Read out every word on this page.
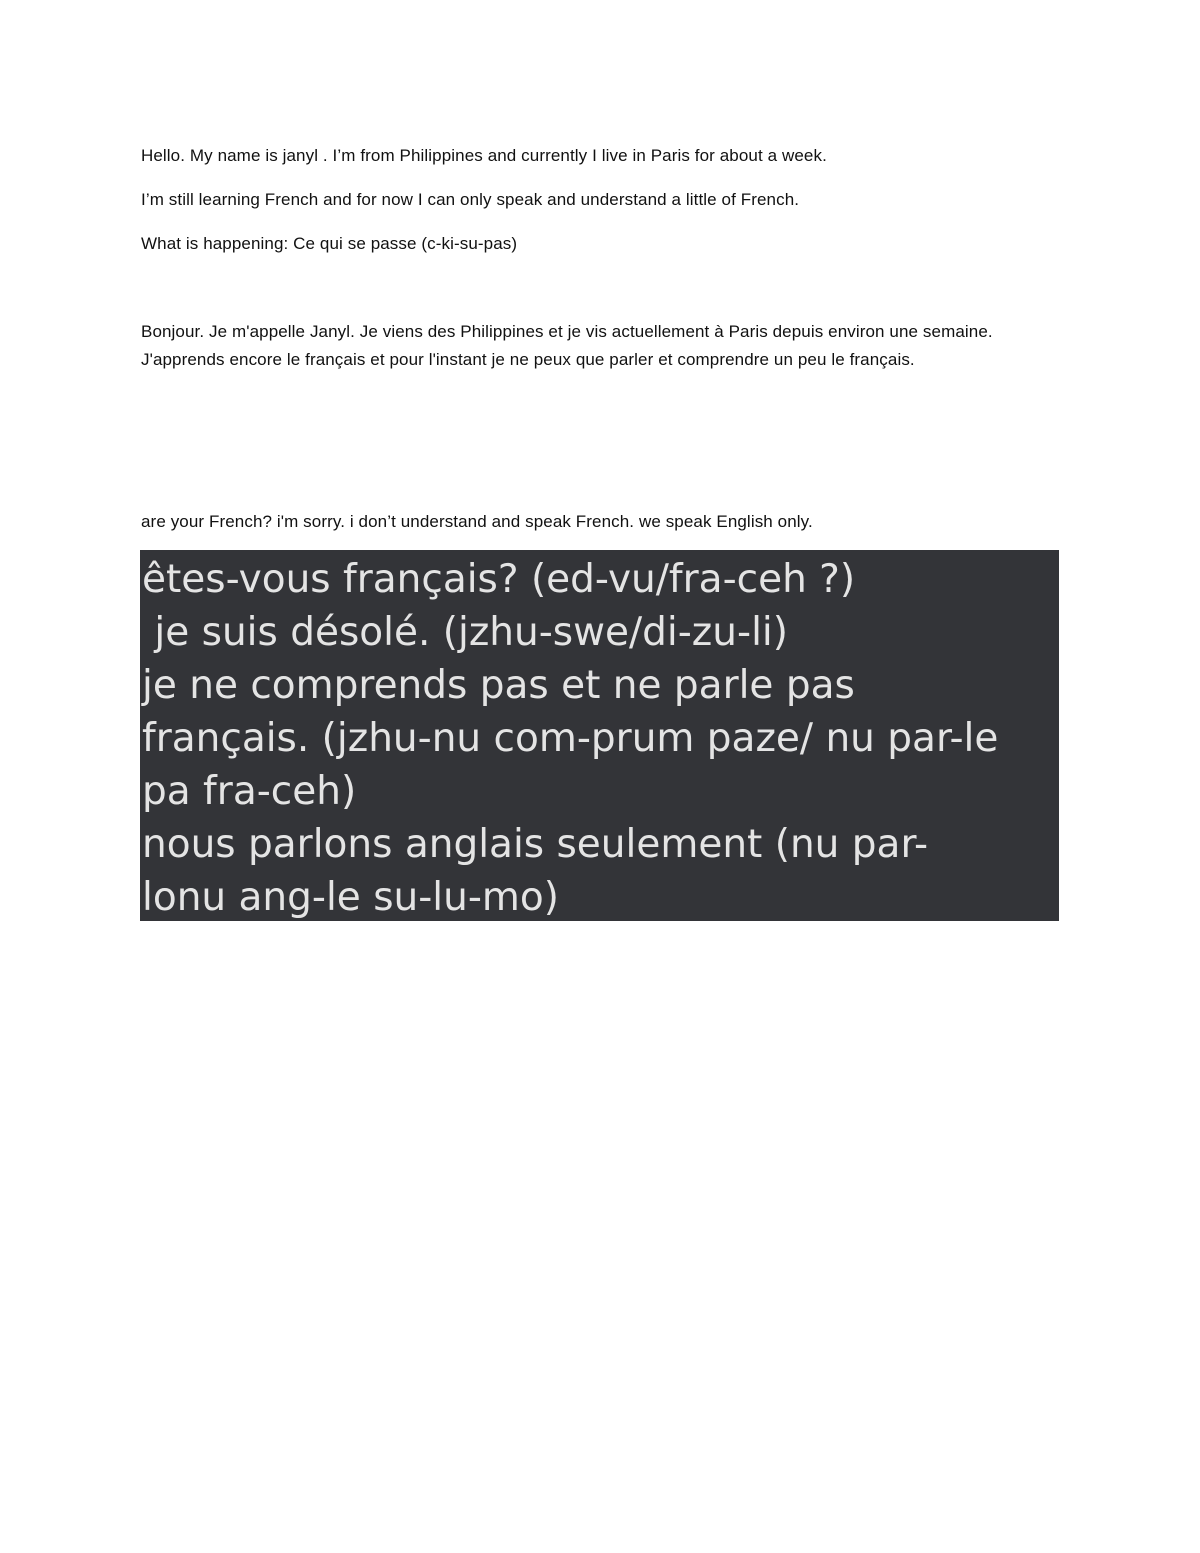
Hello. My name is janyl . I’m from Philippines and currently I live in Paris for about a week.

I’m still learning French and for now I can only speak and understand a little of French.

What is happening: Ce qui se passe (c-ki-su-pas)

Bonjour. Je m'appelle Janyl. Je viens des Philippines et je vis actuellement à Paris depuis environ une semaine. J'apprends encore le français et pour l'instant je ne peux que parler et comprendre un peu le français.

are your French? i'm sorry. i don’t understand and speak French. we speak English only.

êtes-vous français? (ed-vu/fra-ceh ?)
je suis désolé. (jzhu-swe/di-zu-li)
je ne comprends pas et ne parle pas
français. (jzhu-nu com-prum paze/ nu par-le
pa fra-ceh)
nous parlons anglais seulement (nu par-
lonu ang-le su-lu-mo)
